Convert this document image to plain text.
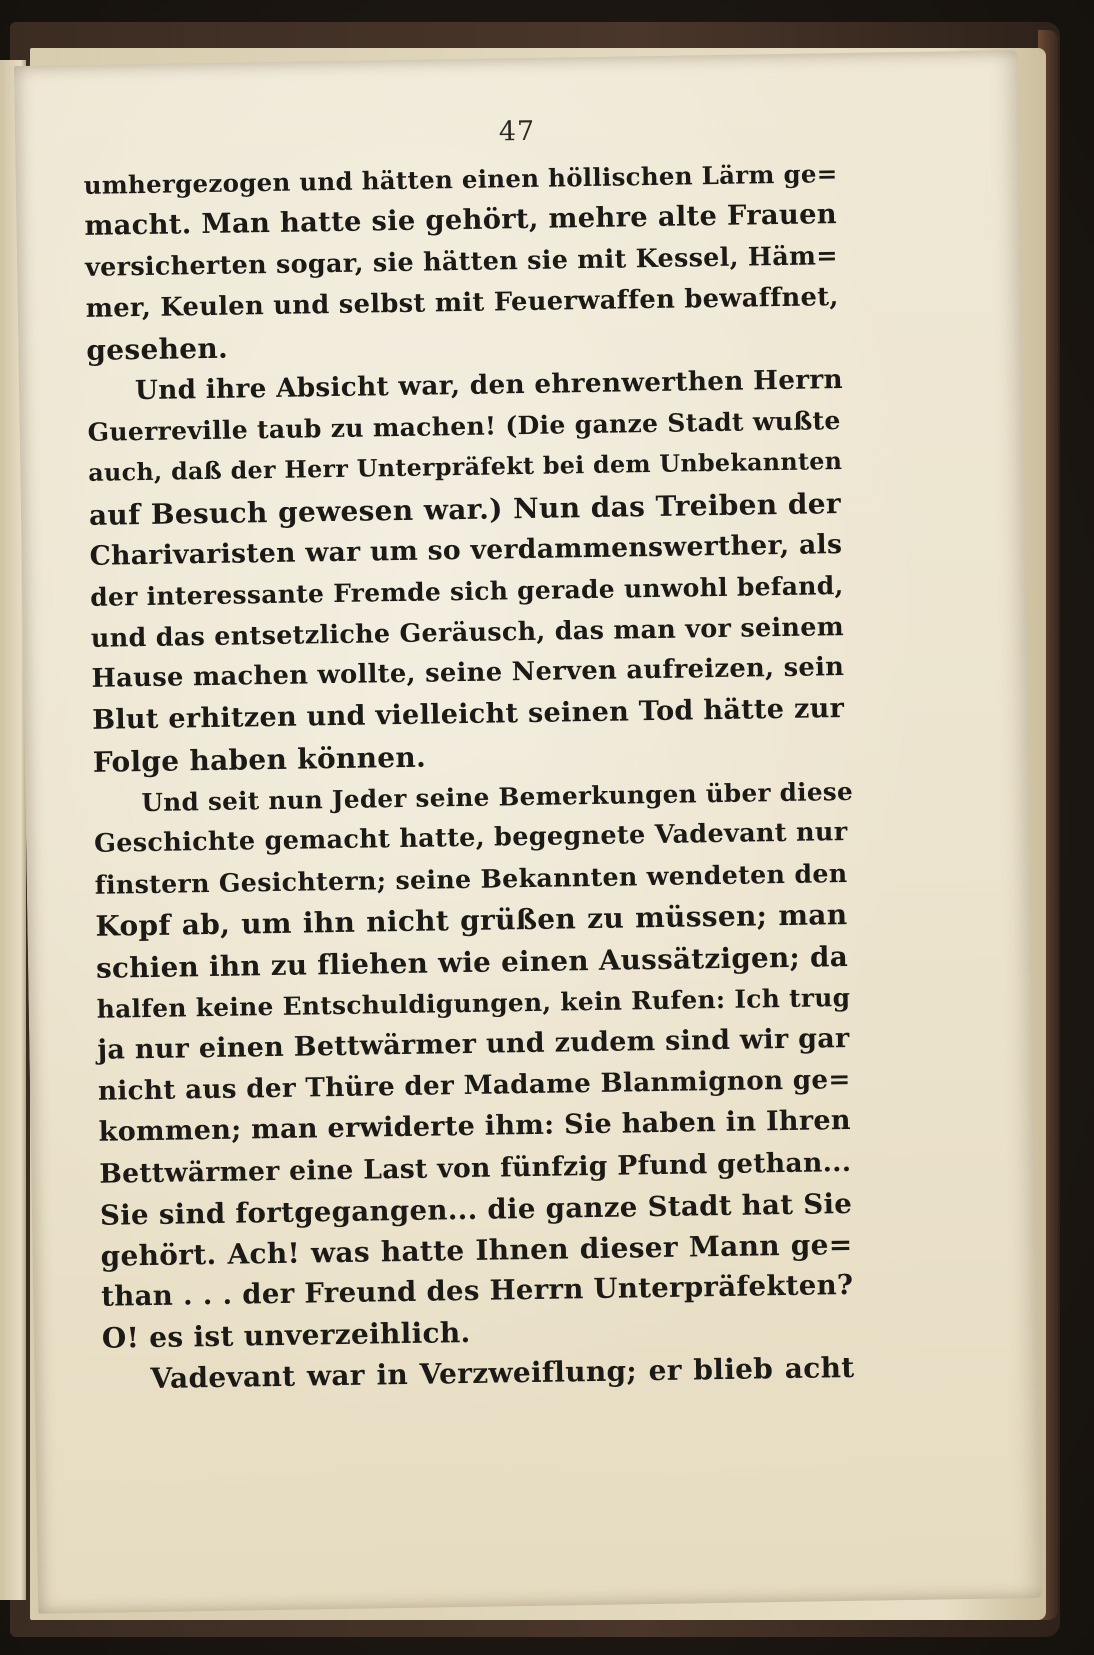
47
umhergezogen und hätten einen höllischen Lärm ge=
macht. Man hatte sie gehört, mehre alte Frauen
versicherten sogar, sie hätten sie mit Kessel, Häm=
mer, Keulen und selbst mit Feuerwaffen bewaffnet,
gesehen.
Und ihre Absicht war, den ehrenwerthen Herrn
Guerreville taub zu machen! (Die ganze Stadt wußte
auch, daß der Herr Unterpräfekt bei dem Unbekannten
auf Besuch gewesen war.) Nun das Treiben der
Charivaristen war um so verdammenswerther, als
der interessante Fremde sich gerade unwohl befand,
und das entsetzliche Geräusch, das man vor seinem
Hause machen wollte, seine Nerven aufreizen, sein
Blut erhitzen und vielleicht seinen Tod hätte zur
Folge haben können.
Und seit nun Jeder seine Bemerkungen über diese
Geschichte gemacht hatte, begegnete Vadevant nur
finstern Gesichtern; seine Bekannten wendeten den
Kopf ab, um ihn nicht grüßen zu müssen; man
schien ihn zu fliehen wie einen Aussätzigen; da
halfen keine Entschuldigungen, kein Rufen: Ich trug
ja nur einen Bettwärmer und zudem sind wir gar
nicht aus der Thüre der Madame Blanmignon ge=
kommen; man erwiderte ihm: Sie haben in Ihren
Bettwärmer eine Last von fünfzig Pfund gethan...
Sie sind fortgegangen... die ganze Stadt hat Sie
gehört. Ach! was hatte Ihnen dieser Mann ge=
than . . . der Freund des Herrn Unterpräfekten?
O! es ist unverzeihlich.
Vadevant war in Verzweiflung; er blieb acht
